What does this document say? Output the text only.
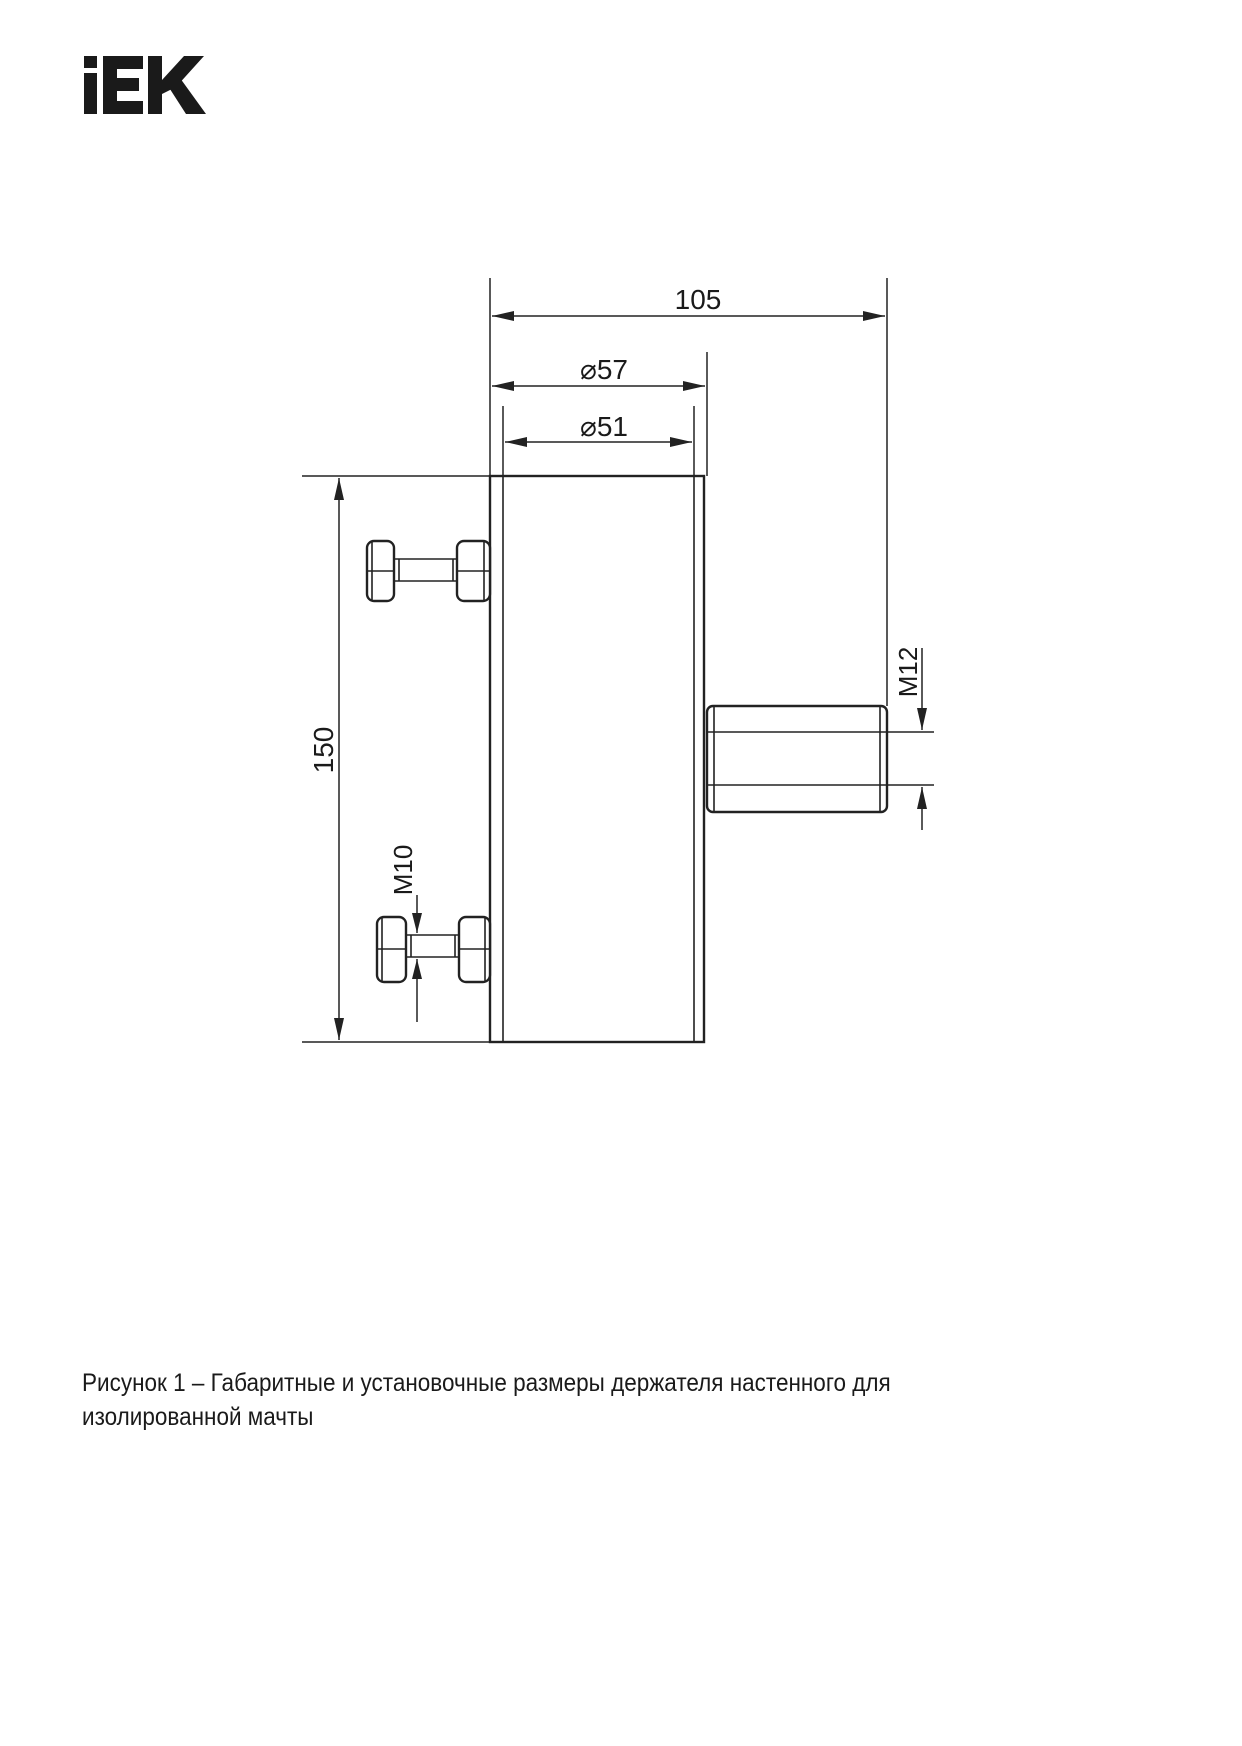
105
⌀57
⌀51
150
M10
M12
Рисунок 1 – Габаритные и установочные размеры держателя настенного для
изолированной мачты
